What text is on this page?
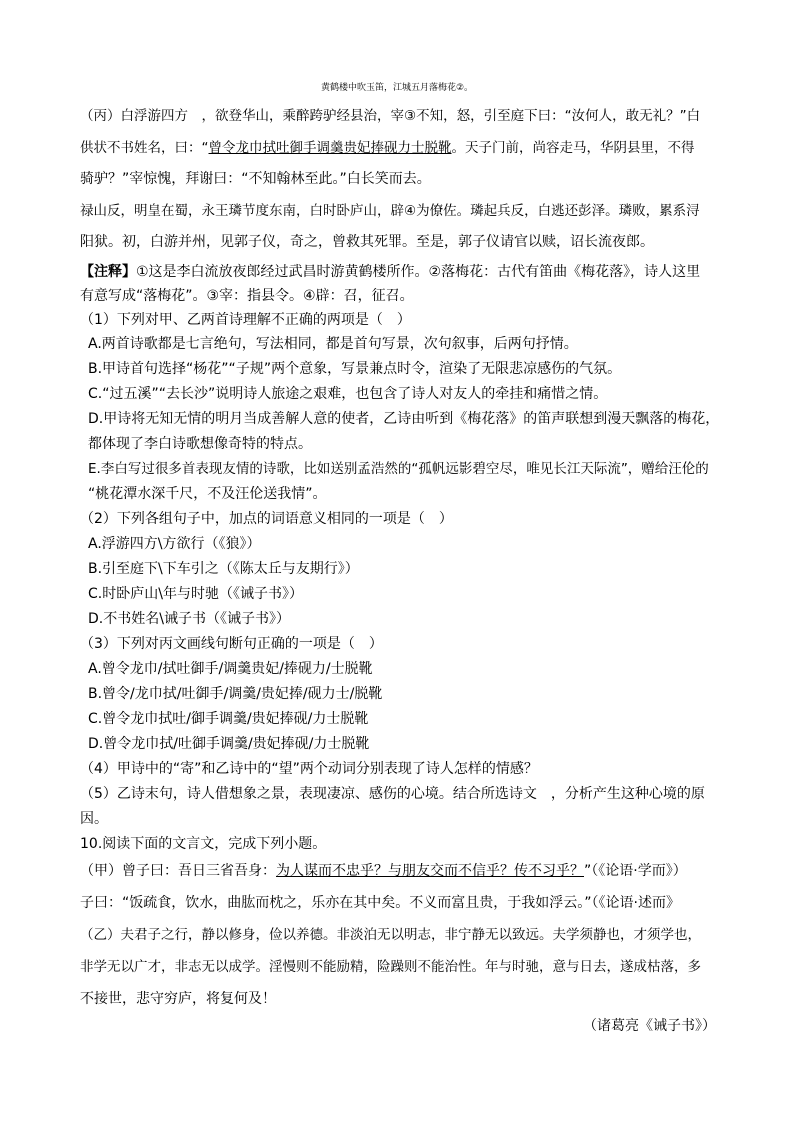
黄鹤楼中吹玉笛，江城五月落梅花②。
（丙）白浮游四方　，欲登华山，乘醉跨驴经县治，宰③不知，怒，引至庭下曰：“汝何人，敢无礼？”白
供状不书姓名，曰：“曾令龙巾拭吐御手调羹贵妃捧砚力士脱靴。天子门前，尚容走马，华阴县里，不得
骑驴？”宰惊愧，拜谢曰：“不知翰林至此。”白长笑而去。
禄山反，明皇在蜀，永王璘节度东南，白时卧庐山，辟④为僚佐。璘起兵反，白逃还彭泽。璘败，累系浔
阳狱。初，白游并州，见郭子仪，奇之，曾救其死罪。至是，郭子仪请官以赎，诏长流夜郎。
【注释】①这是李白流放夜郎经过武昌时游黄鹤楼所作。②落梅花：古代有笛曲《梅花落》，诗人这里
有意写成“落梅花”。③宰：指县令。④辟：召，征召。
（1）下列对甲、乙两首诗理解不正确的两项是（　）
A.两首诗歌都是七言绝句，写法相同，都是首句写景，次句叙事，后两句抒情。
B.甲诗首句选择“杨花”“子规”两个意象，写景兼点时令，渲染了无限悲凉感伤的气氛。
C.“过五溪”“去长沙”说明诗人旅途之艰难，也包含了诗人对友人的牵挂和痛惜之情。
D.甲诗将无知无情的明月当成善解人意的使者，乙诗由听到《梅花落》的笛声联想到漫天飘落的梅花，
都体现了李白诗歌想像奇特的特点。
E.李白写过很多首表现友情的诗歌，比如送别孟浩然的“孤帆远影碧空尽，唯见长江天际流”，赠给汪伦的
“桃花潭水深千尺，不及汪伦送我情”。
（2）下列各组句子中，加点的词语意义相同的一项是（　）
A.浮游四方\方欲行（《狼》）
B.引至庭下\下车引之（《陈太丘与友期行》）
C.时卧庐山\年与时驰（《诫子书》）
D.不书姓名\诫子书（《诫子书》）
（3）下列对丙文画线句断句正确的一项是（　）
A.曾令龙巾/拭吐御手/调羹贵妃/捧砚力/士脱靴
B.曾令/龙巾拭/吐御手/调羹/贵妃捧/砚力士/脱靴
C.曾令龙巾拭吐/御手调羹/贵妃捧砚/力士脱靴
D.曾令龙巾拭/吐御手调羹/贵妃捧砚/力士脱靴
（4）甲诗中的“寄”和乙诗中的“望”两个动词分别表现了诗人怎样的情感？
（5）乙诗末句，诗人借想象之景，表现凄凉、感伤的心境。结合所选诗文　，分析产生这种心境的原
因。
10.阅读下面的文言文，完成下列小题。
（甲）曾子曰：吾日三省吾身：为人谋而不忠乎？与朋友交而不信乎？传不习乎？”（《论语·学而》）
子曰：“饭疏食，饮水，曲肱而枕之，乐亦在其中矣。不义而富且贵，于我如浮云。”（《论语·述而》
（乙）夫君子之行，静以修身，俭以养德。非淡泊无以明志，非宁静无以致远。夫学须静也，才须学也，
非学无以广才，非志无以成学。淫慢则不能励精，险躁则不能治性。年与时驰，意与日去，遂成枯落，多
不接世，悲守穷庐，将复何及！
（诸葛亮《诫子书》）
